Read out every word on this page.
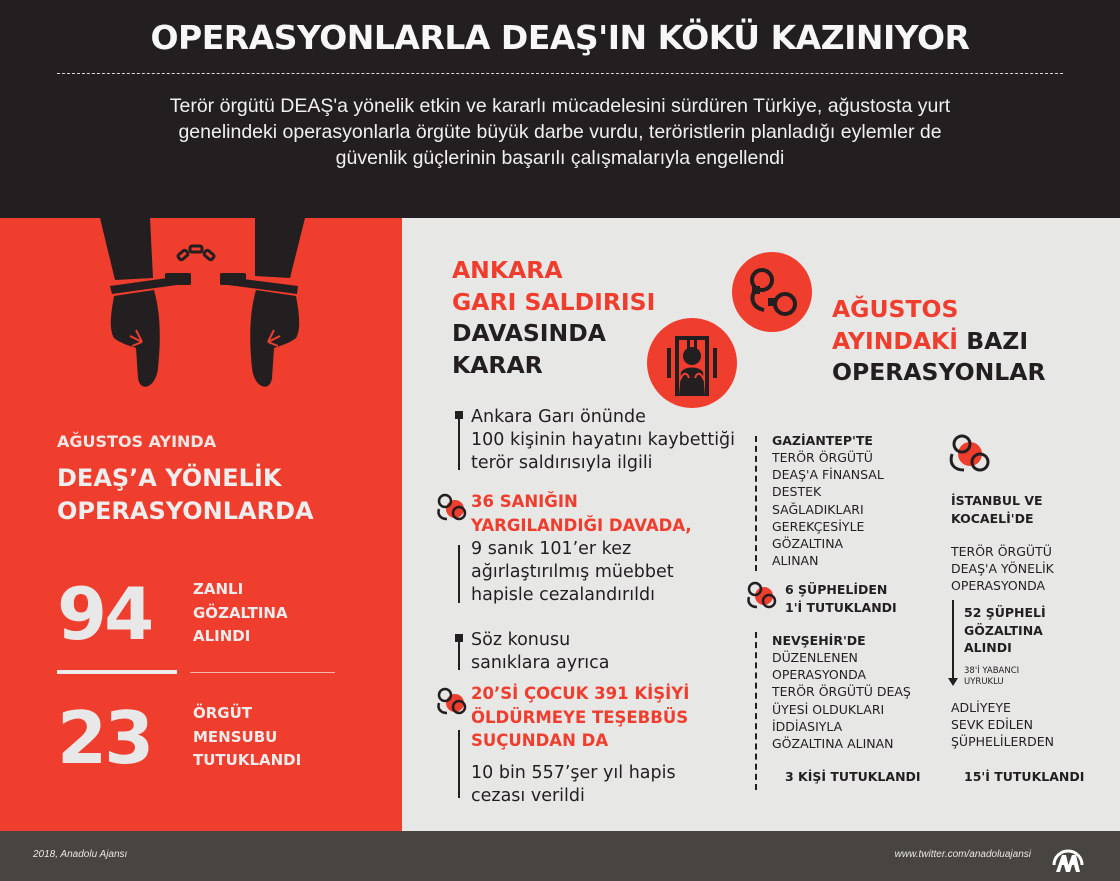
OPERASYONLARLA DEAŞ'IN KÖKÜ KAZINIYOR
Terör örgütü DEAŞ'a yönelik etkin ve kararlı mücadelesini sürdüren Türkiye, ağustosta yurt
genelindeki operasyonlarla örgüte büyük darbe vurdu, teröristlerin planladığı eylemler de
güvenlik güçlerinin başarılı çalışmalarıyla engellendi
AĞUSTOS AYINDA
DEAŞ’A YÖNELİK
OPERASYONLARDA
94	ZANLI
GÖZALTINA
ALINDI
23	ÖRGÜT
MENSUBU
TUTUKLANDI
ANKARA
GARI SALDIRISI
DAVASINDA
KARAR
Ankara Garı önünde
100 kişinin hayatını kaybettiği
terör saldırısıyla ilgili
36 SANIĞIN
YARGILANDIĞI DAVADA,
9 sanık 101’er kez
ağırlaştırılmış müebbet
hapisle cezalandırıldı
Söz konusu
sanıklara ayrıca
20’Sİ ÇOCUK 391 KİŞİYİ
ÖLDÜRMEYE TEŞEBBÜS
SUÇUNDAN DA
10 bin 557’şer yıl hapis
cezası verildi
AĞUSTOS
AYINDAKİ BAZI
OPERASYONLAR
GAZİANTEP'TE
TERÖR ÖRGÜTÜ
DEAŞ'A FİNANSAL
DESTEK
SAĞLADIKLARI
GEREKÇESİYLE
GÖZALTINA
ALINAN
6 ŞÜPHELİDEN
1'İ TUTUKLANDI
NEVŞEHİR'DE
DÜZENLENEN
OPERASYONDA
TERÖR ÖRGÜTÜ DEAŞ
ÜYESİ OLDUKLARI
İDDİASIYLA
GÖZALTINA ALINAN
3 KİŞİ TUTUKLANDI
İSTANBUL VE
KOCAELİ'DE
TERÖR ÖRGÜTÜ
DEAŞ'A YÖNELİK
OPERASYONDA
52 ŞÜPHELİ
GÖZALTINA
ALINDI
38'İ YABANCI
UYRUKLU
ADLİYEYE
SEVK EDİLEN
ŞÜPHELİLERDEN
15'İ TUTUKLANDI
2018, Anadolu Ajansı	www.twitter.com/anadoluajansi
